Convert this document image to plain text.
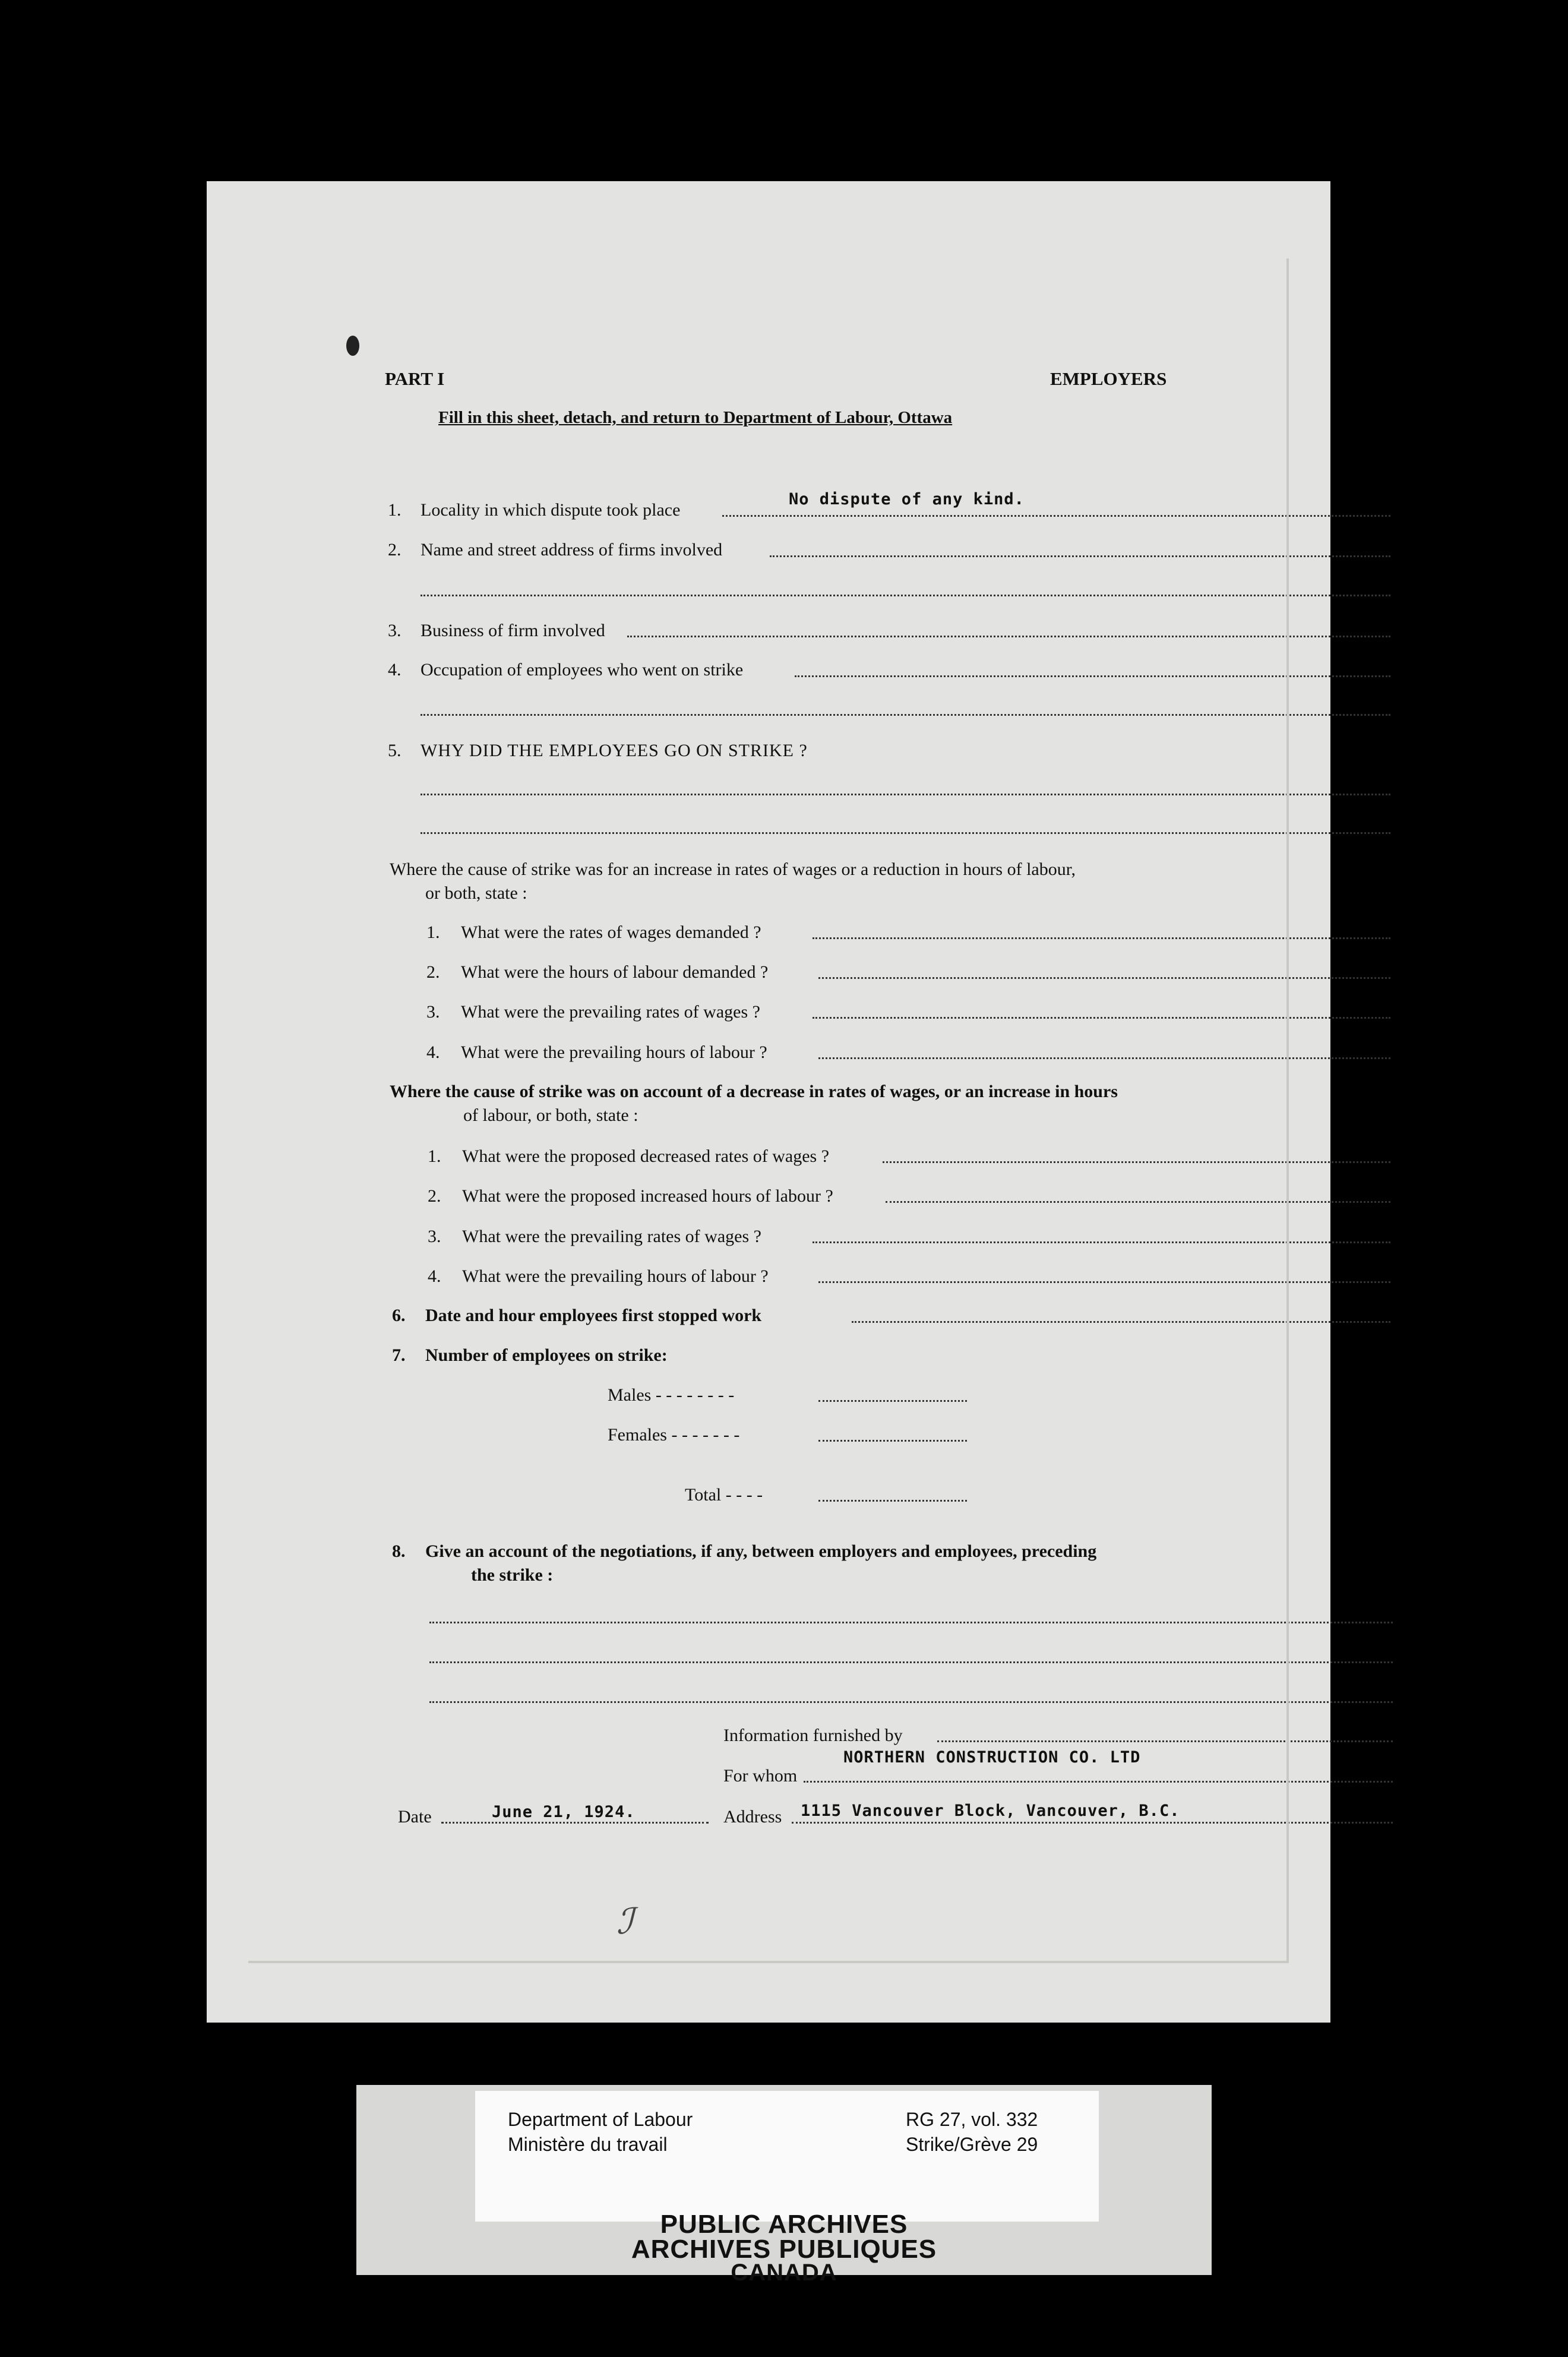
PART I	EMPLOYERS
Fill in this sheet, detach, and return to Department of Labour, Ottawa
1. Locality in which dispute took place
No dispute of any kind.
2. Name and street address of firms involved
3. Business of firm involved
4. Occupation of employees who went on strike
5. WHY DID THE EMPLOYEES GO ON STRIKE ?
Where the cause of strike was for an increase in rates of wages or a reduction in hours of labour,
or both, state :
1. What were the rates of wages demanded ?
2. What were the hours of labour demanded ?
3. What were the prevailing rates of wages ?
4. What were the prevailing hours of labour ?
Where the cause of strike was on account of a decrease in rates of wages, or an increase in hours
of labour, or both, state :
1. What were the proposed decreased rates of wages ?
2. What were the proposed increased hours of labour ?
3. What were the prevailing rates of wages ?
4. What were the prevailing hours of labour ?
6. Date and hour employees first stopped work
7. Number of employees on strike:
Males - - - - - - - -
Females - - - - - - -
Total - - - -
8. Give an account of the negotiations, if any, between employers and employees, preceding
the strike :
Information furnished by
NORTHERN CONSTRUCTION CO. LTD
For whom
Date	June 21, 1924.	Address 1115 Vancouver Block, Vancouver, B.C.
ℐ
Department of Labour
Ministère du travail
RG 27, vol. 332
Strike/Grève 29
PUBLIC ARCHIVES
ARCHIVES PUBLIQUES
CANADA
